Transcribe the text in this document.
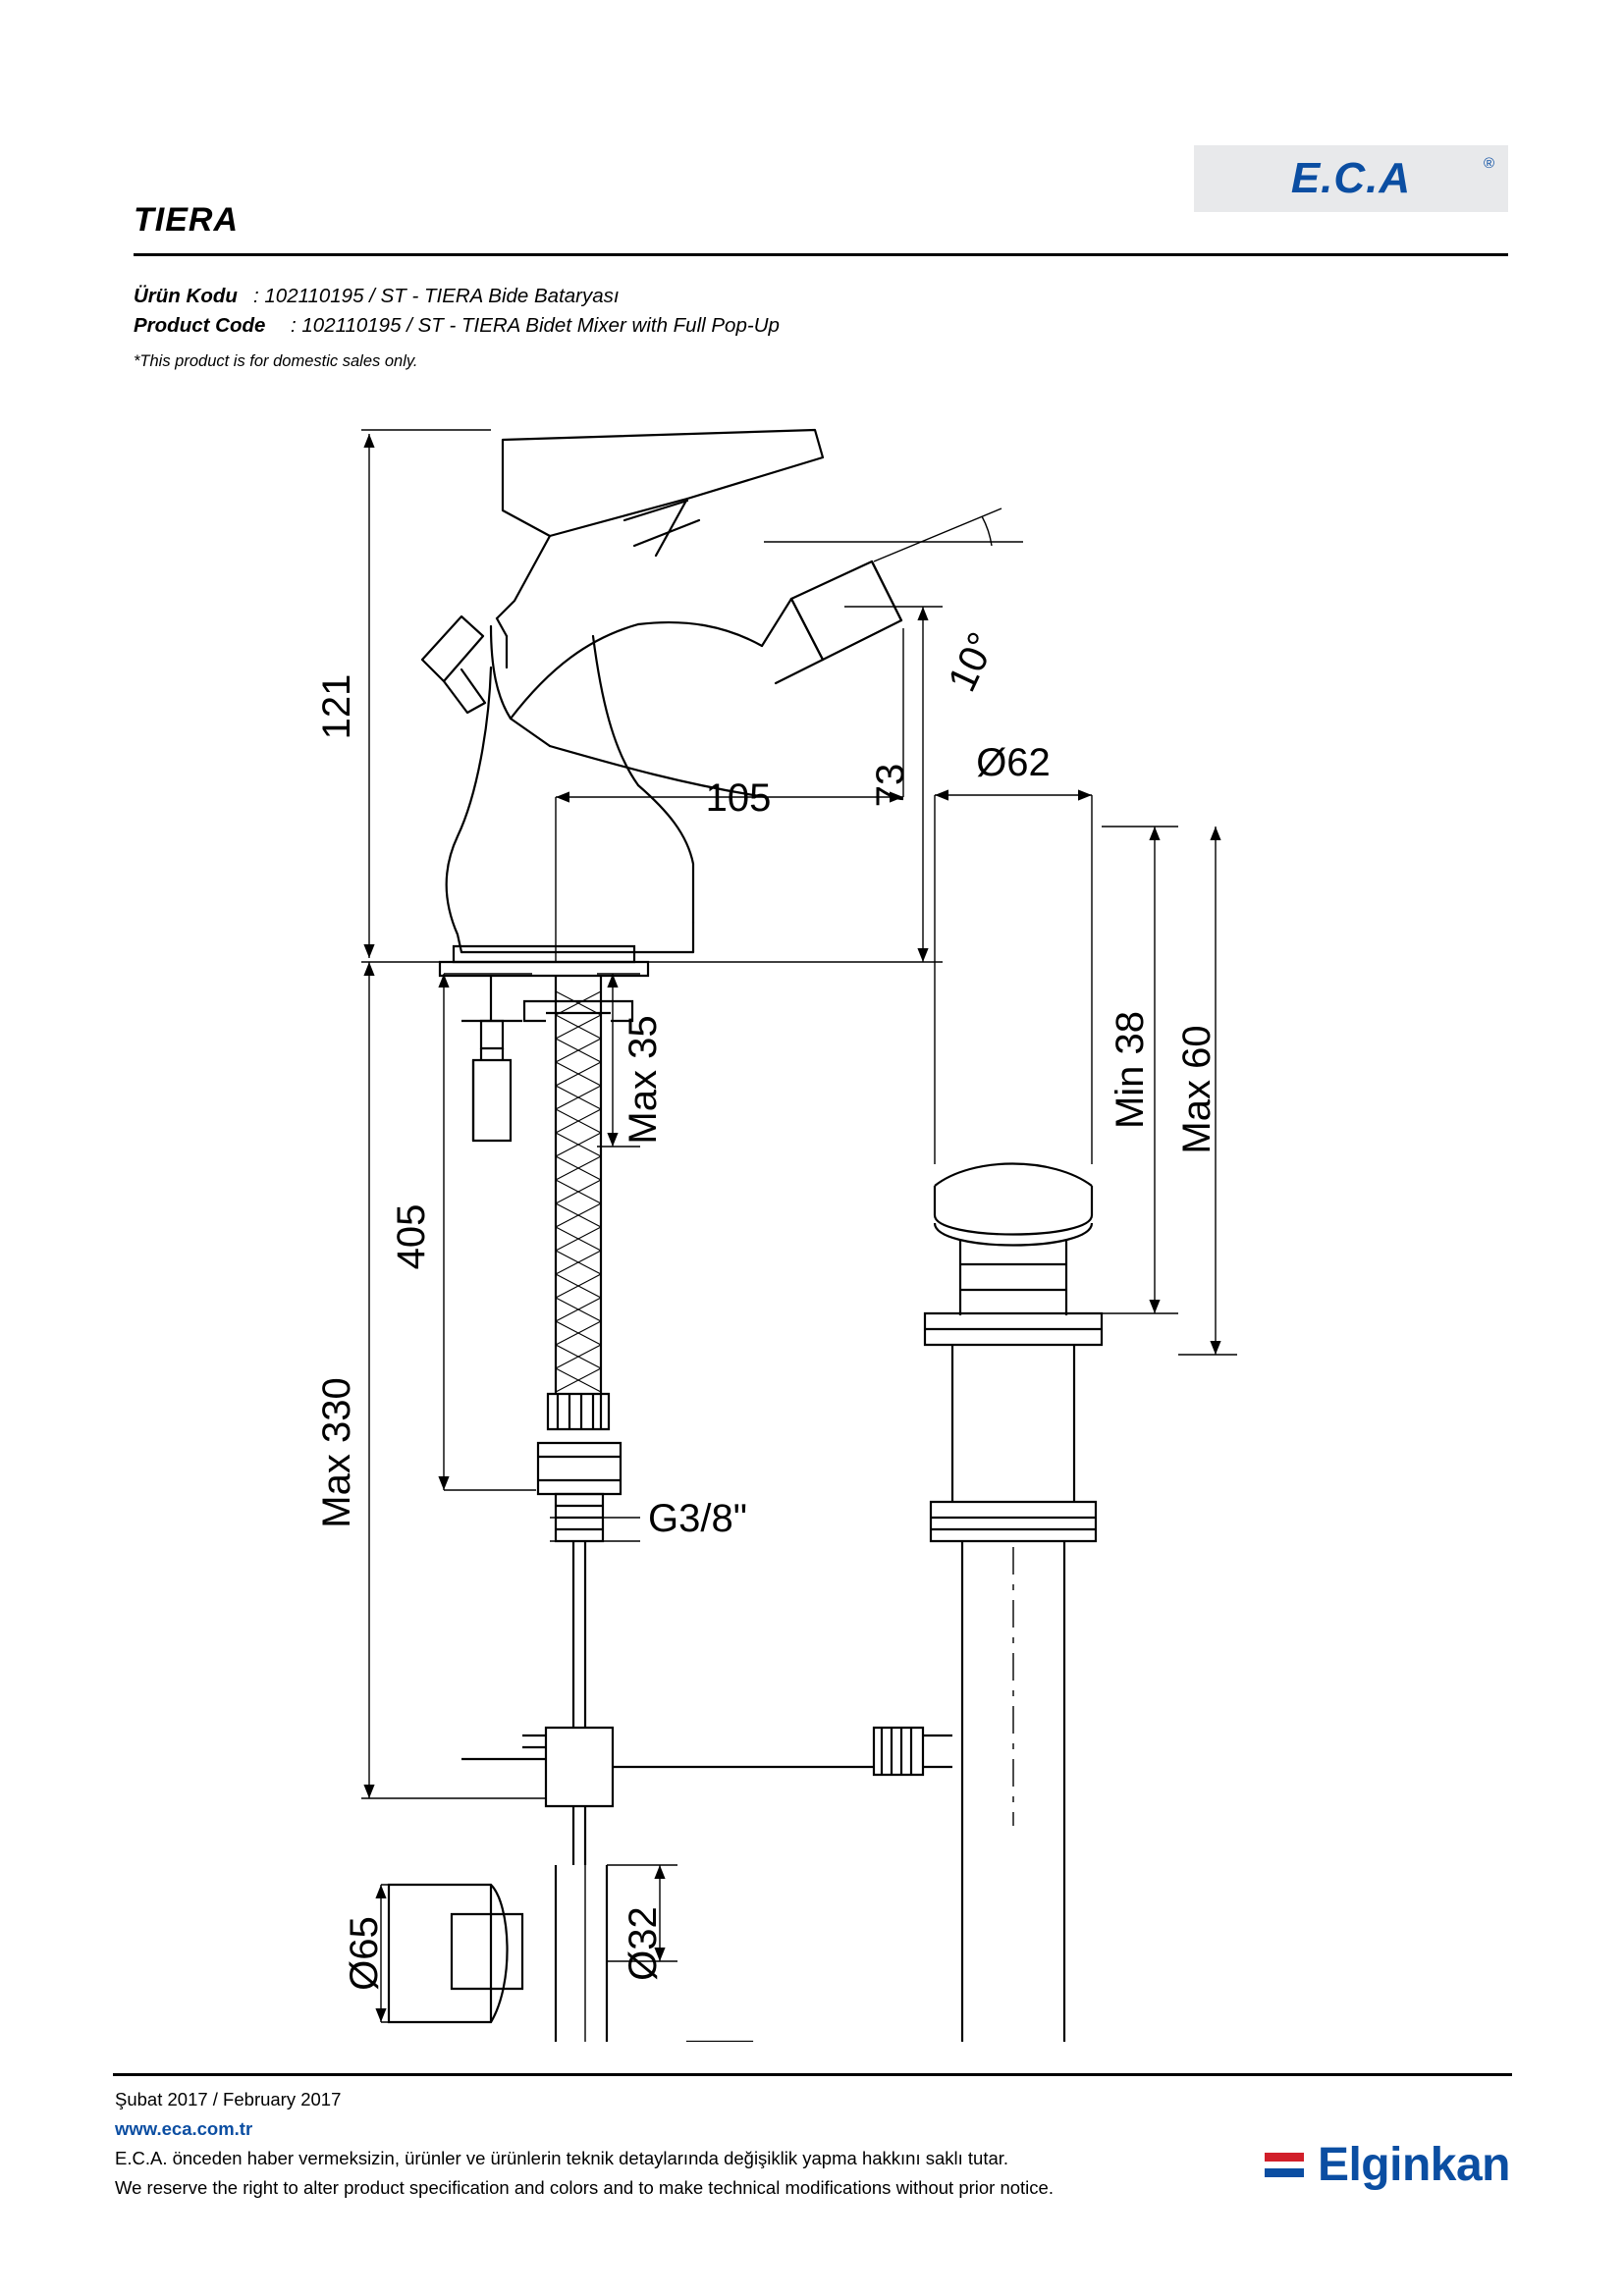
E.C.A	®
TIERA
Ürün Kodu : 102110195 / ST - TIERA Bide Bataryası
Product Code : 102110195 / ST - TIERA Bidet Mixer with Full Pop-Up
*This product is for domestic sales only.
121
Max 330
405
Max 35
73
105
10°
G3/8"
Ø62
Min 38 Max 60
Ø65	Ø32
Şubat 2017 / February 2017
www.eca.com.tr
E.C.A. önceden haber vermeksizin, ürünler ve ürünlerin teknik detaylarında değişiklik yapma hakkını saklı tutar.
We reserve the right to alter product specification and colors and to make technical modifications without prior notice.	Elginkan
